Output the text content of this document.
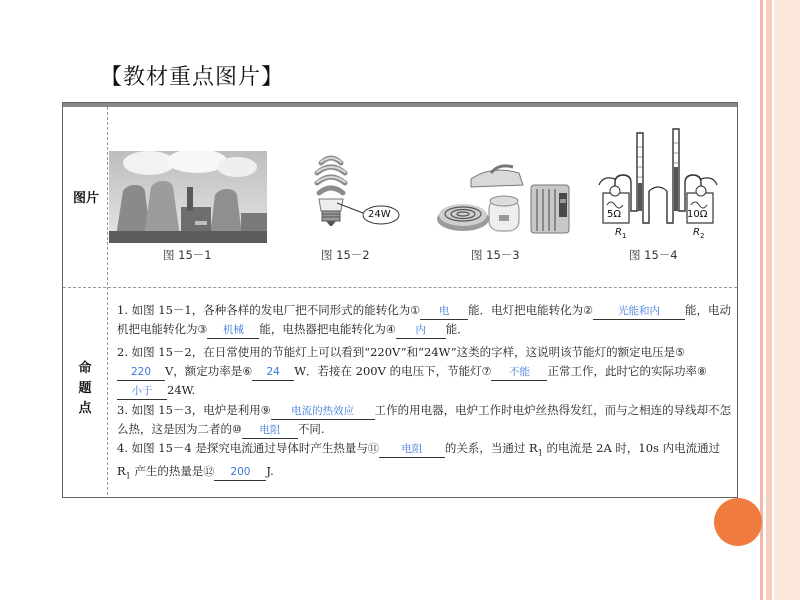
【教材重点图片】
图片
命
题
点
图 15－1
24W
图 15－2	图 15－3
5Ω	10Ω
$R_1$	$R_2$
图 15－4
1. 如图 15－1，各种各样的发电厂把不同形式的能转化为① 电 能．电灯把电能转化为② 光能和内 能，电动机把电能转化为③ 机械 能，电热器把电能转化为④ 内 能．
2. 如图 15－2，在日常使用的节能灯上可以看到“220V”和“24W”这类的字样，这说明该节能灯的额定电压是⑤220 V，额定功率是⑥ 24 W．若接在 200V 的电压下，节能灯⑦ 不能 正常工作，此时它的实际功率⑧小于 24W.
3. 如图 15－3，电炉是利用⑨ 电流的热效应 工作的用电器，电炉工作时电炉丝热得发红，而与之相连的导线却不怎么热，这是因为二者的⑩ 电阻 不同.
4. 如图 15－4 是探究电流通过导体时产生热量与⑪ 电阻 的关系，当通过 $R_1$ 的电流是 2A 时，10s 内电流通过 $R_1$ 产生的热量是⑫ 200 J.
